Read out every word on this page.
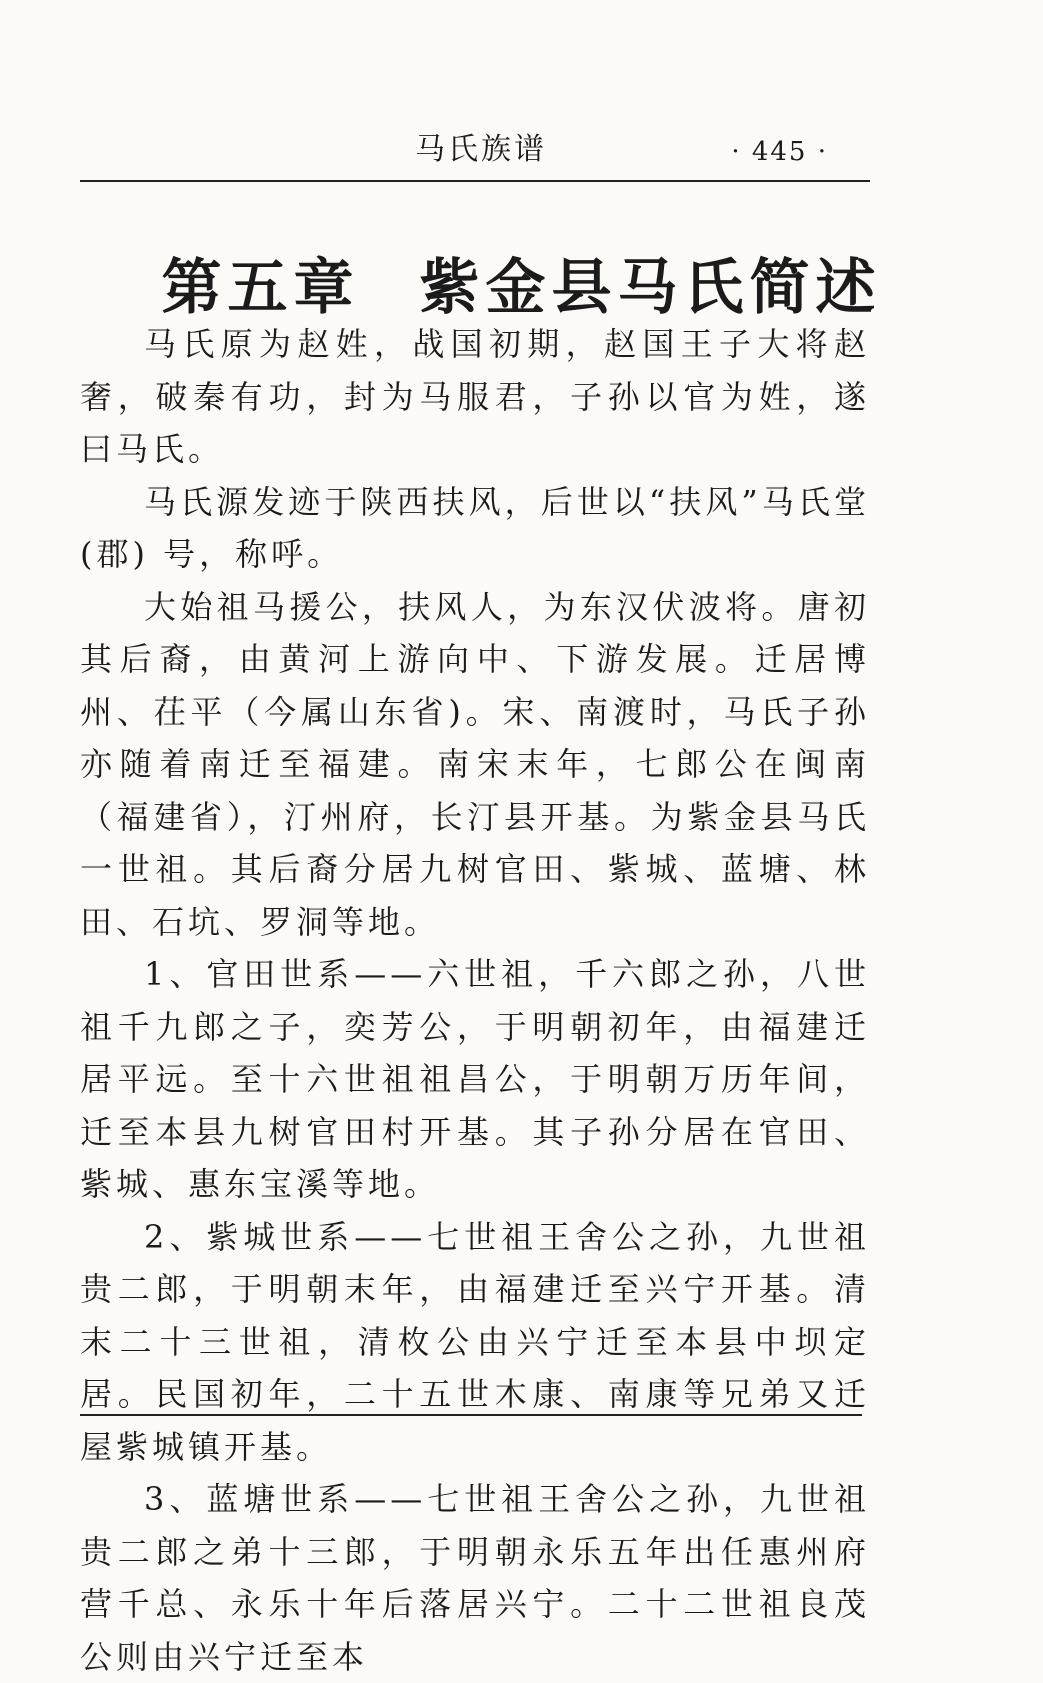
马氏族谱	· 445 ·
第五章 紫金县马氏简述

马氏原为赵姓，战国初期，赵国王子大将赵奢，破秦有功，封为马服君，子孙以官为姓，遂曰马氏。

马氏源发迹于陕西扶风，后世以“扶风”马氏堂(郡) 号，称呼。

大始祖马援公，扶风人，为东汉伏波将。唐初其后裔，由黄河上游向中、下游发展。迁居博州、茌平（今属山东省)。宋、南渡时，马氏子孙亦随着南迁至福建。南宋末年，七郎公在闽南（福建省），汀州府，长汀县开基。为紫金县马氏一世祖。其后裔分居九树官田、紫城、蓝塘、林田、石坑、罗洞等地。

1、官田世系——六世祖，千六郎之孙，八世祖千九郎之子，奕芳公，于明朝初年，由福建迁居平远。至十六世祖祖昌公，于明朝万历年间，迁至本县九树官田村开基。其子孙分居在官田、紫城、惠东宝溪等地。

2、紫城世系——七世祖王舍公之孙，九世祖贵二郎，于明朝末年，由福建迁至兴宁开基。清末二十三世祖，清枚公由兴宁迁至本县中坝定居。民国初年，二十五世木康、南康等兄弟又迁屋紫城镇开基。

3、蓝塘世系——七世祖王舍公之孙，九世祖贵二郎之弟十三郎，于明朝永乐五年出任惠州府营千总、永乐十年后落居兴宁。二十二世祖良茂公则由兴宁迁至本
